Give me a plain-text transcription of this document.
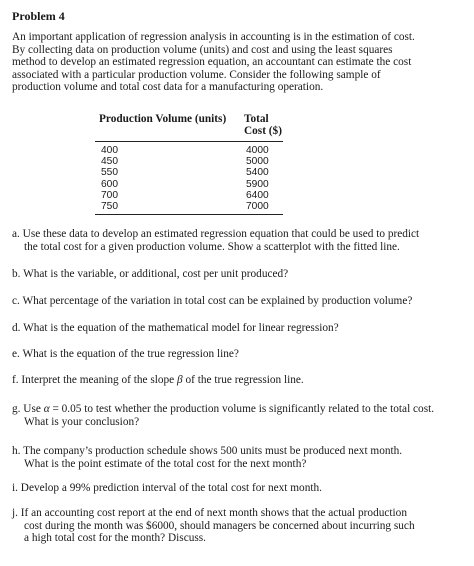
Problem 4
An important application of regression analysis in accounting is in the estimation of cost.
By collecting data on production volume (units) and cost and using the least squares
method to develop an estimated regression equation, an accountant can estimate the cost
associated with a particular production volume. Consider the following sample of
production volume and total cost data for a manufacturing operation.
Production Volume (units)	Total Cost ($)
400	4000
450	5000
550	5400
600	5900
700	6400
750	7000
a. Use these data to develop an estimated regression equation that could be used to predict
the total cost for a given production volume. Show a scatterplot with the fitted line.
b. What is the variable, or additional, cost per unit produced?
c. What percentage of the variation in total cost can be explained by production volume?
d. What is the equation of the mathematical model for linear regression?
e. What is the equation of the true regression line?
f. Interpret the meaning of the slope β of the true regression line.
g. Use α = 0.05 to test whether the production volume is significantly related to the total cost.
What is your conclusion?
h. The company’s production schedule shows 500 units must be produced next month.
What is the point estimate of the total cost for the next month?
i. Develop a 99% prediction interval of the total cost for next month.
j. If an accounting cost report at the end of next month shows that the actual production
cost during the month was $6000, should managers be concerned about incurring such
a high total cost for the month? Discuss.
